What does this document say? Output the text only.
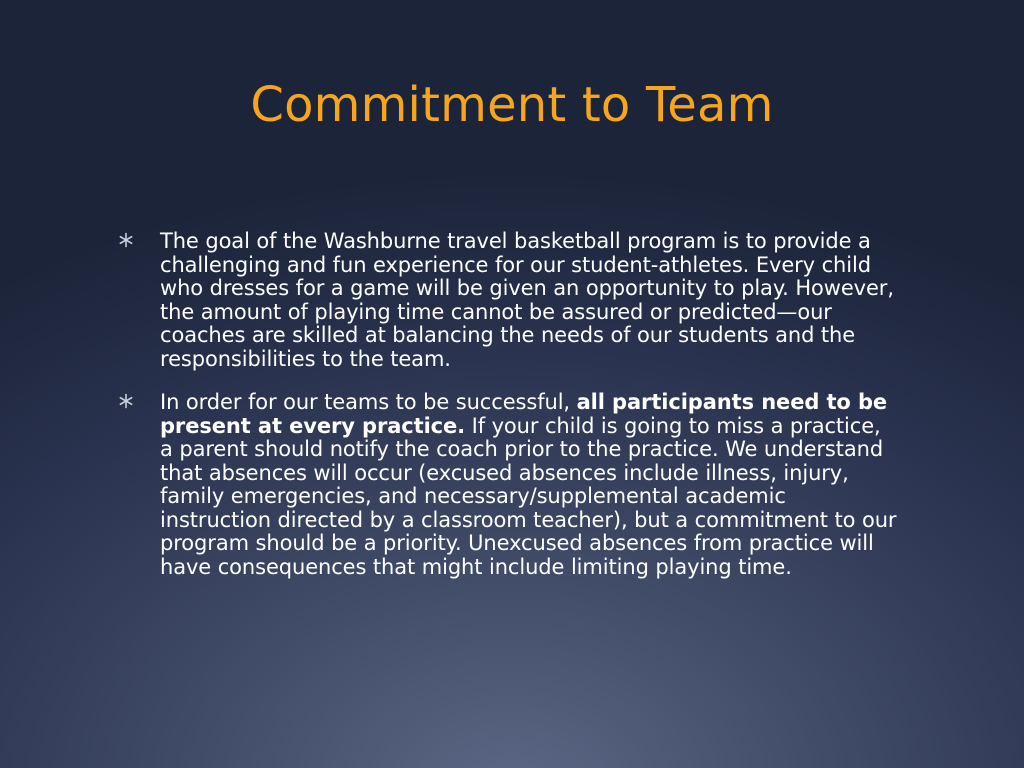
Commitment to Team
The goal of the Washburne travel basketball program is to provide a challenging and fun experience for our student-athletes. Every child who dresses for a game will be given an opportunity to play. However, the amount of playing time cannot be assured or predicted—our coaches are skilled at balancing the needs of our students and the responsibilities to the team.
In order for our teams to be successful, all participants need to be present at every practice. If your child is going to miss a practice, a parent should notify the coach prior to the practice. We understand that absences will occur (excused absences include illness, injury, family emergencies, and necessary/supplemental academic instruction directed by a classroom teacher), but a commitment to our program should be a priority. Unexcused absences from practice will have consequences that might include limiting playing time.
